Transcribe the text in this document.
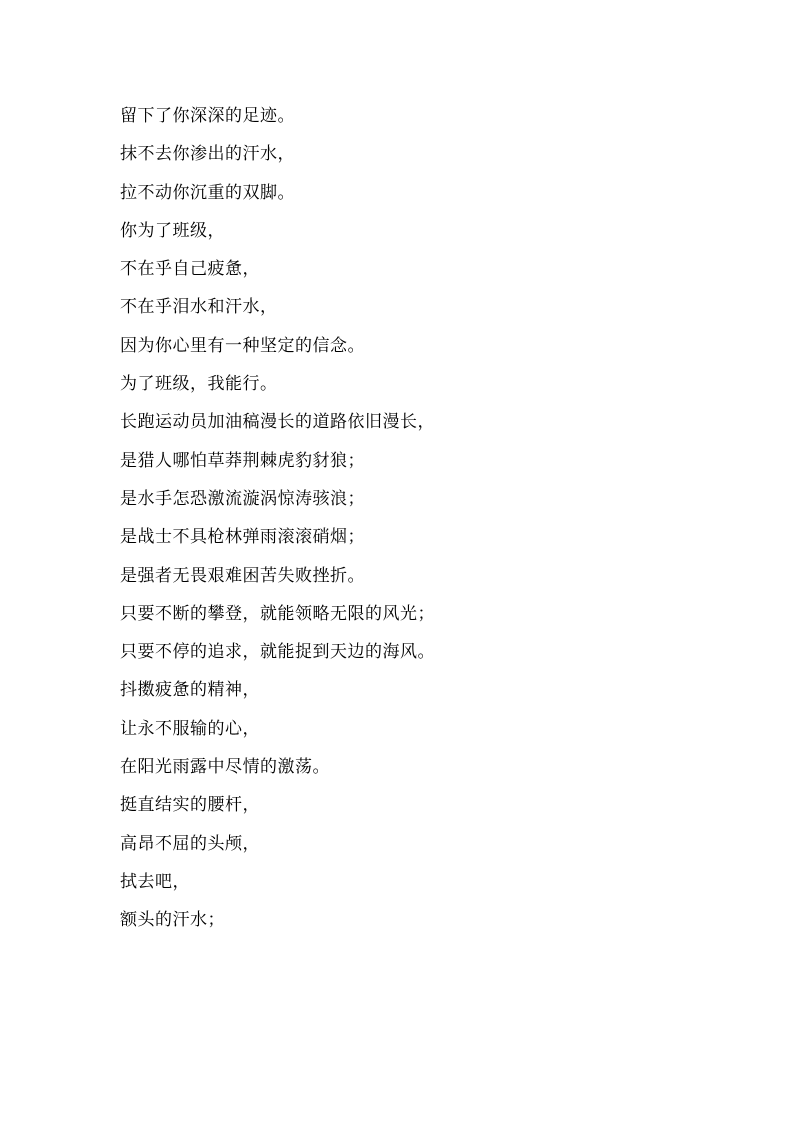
留下了你深深的足迹。
抹不去你渗出的汗水，
拉不动你沉重的双脚。
你为了班级，
不在乎自己疲惫，
不在乎泪水和汗水，
因为你心里有一种坚定的信念。
为了班级，我能行。
长跑运动员加油稿漫长的道路依旧漫长，
是猎人哪怕草莽荆棘虎豹豺狼；
是水手怎恐激流漩涡惊涛骇浪；
是战士不具枪林弹雨滚滚硝烟；
是强者无畏艰难困苦失败挫折。
只要不断的攀登，就能领略无限的风光；
只要不停的追求，就能捉到天边的海风。
抖擞疲惫的精神，
让永不服输的心，
在阳光雨露中尽情的激荡。
挺直结实的腰杆，
高昂不屈的头颅，
拭去吧，
额头的汗水；
